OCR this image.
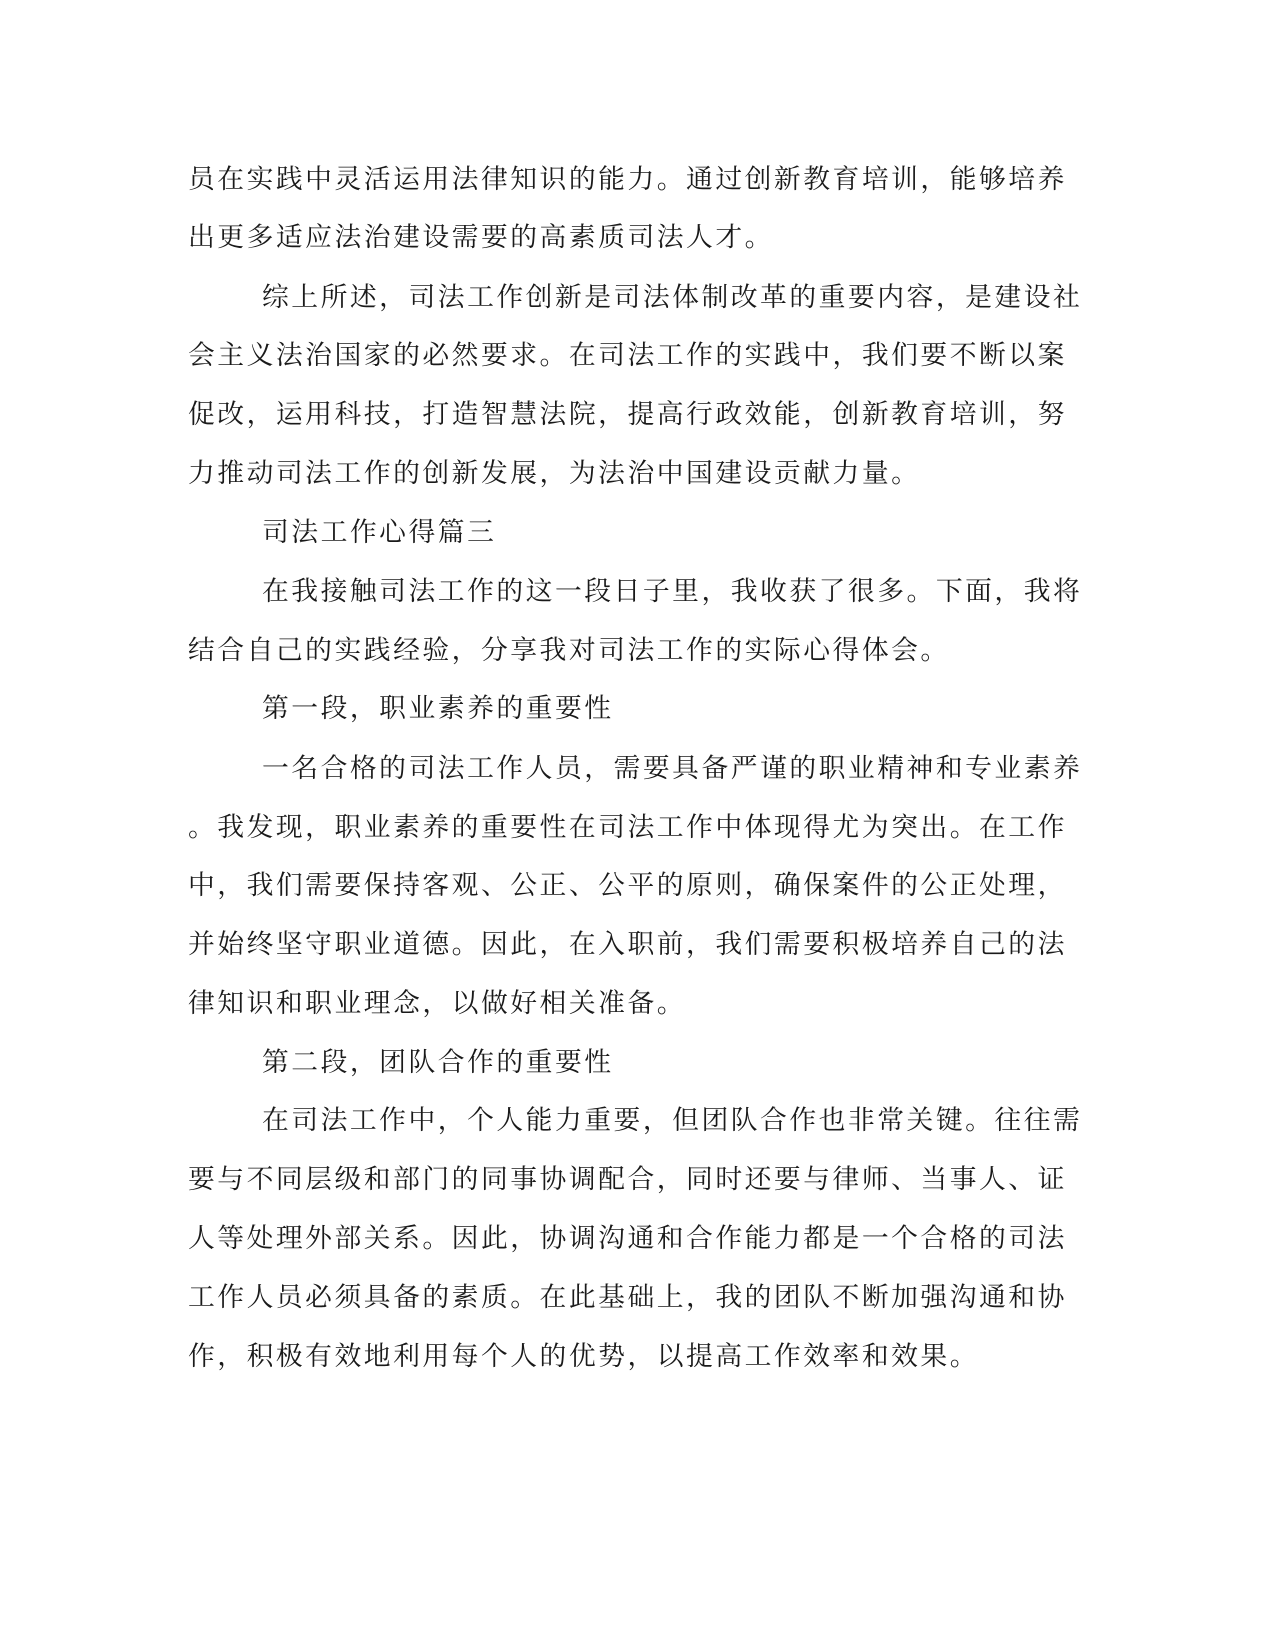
员在实践中灵活运用法律知识的能力。通过创新教育培训，能够培养
出更多适应法治建设需要的高素质司法人才。
综上所述，司法工作创新是司法体制改革的重要内容，是建设社
会主义法治国家的必然要求。在司法工作的实践中，我们要不断以案
促改，运用科技，打造智慧法院，提高行政效能，创新教育培训，努
力推动司法工作的创新发展，为法治中国建设贡献力量。
司法工作心得篇三
在我接触司法工作的这一段日子里，我收获了很多。下面，我将
结合自己的实践经验，分享我对司法工作的实际心得体会。
第一段，职业素养的重要性
一名合格的司法工作人员，需要具备严谨的职业精神和专业素养
。我发现，职业素养的重要性在司法工作中体现得尤为突出。在工作
中，我们需要保持客观、公正、公平的原则，确保案件的公正处理，
并始终坚守职业道德。因此，在入职前，我们需要积极培养自己的法
律知识和职业理念，以做好相关准备。
第二段，团队合作的重要性
在司法工作中，个人能力重要，但团队合作也非常关键。往往需
要与不同层级和部门的同事协调配合，同时还要与律师、当事人、证
人等处理外部关系。因此，协调沟通和合作能力都是一个合格的司法
工作人员必须具备的素质。在此基础上，我的团队不断加强沟通和协
作，积极有效地利用每个人的优势，以提高工作效率和效果。
